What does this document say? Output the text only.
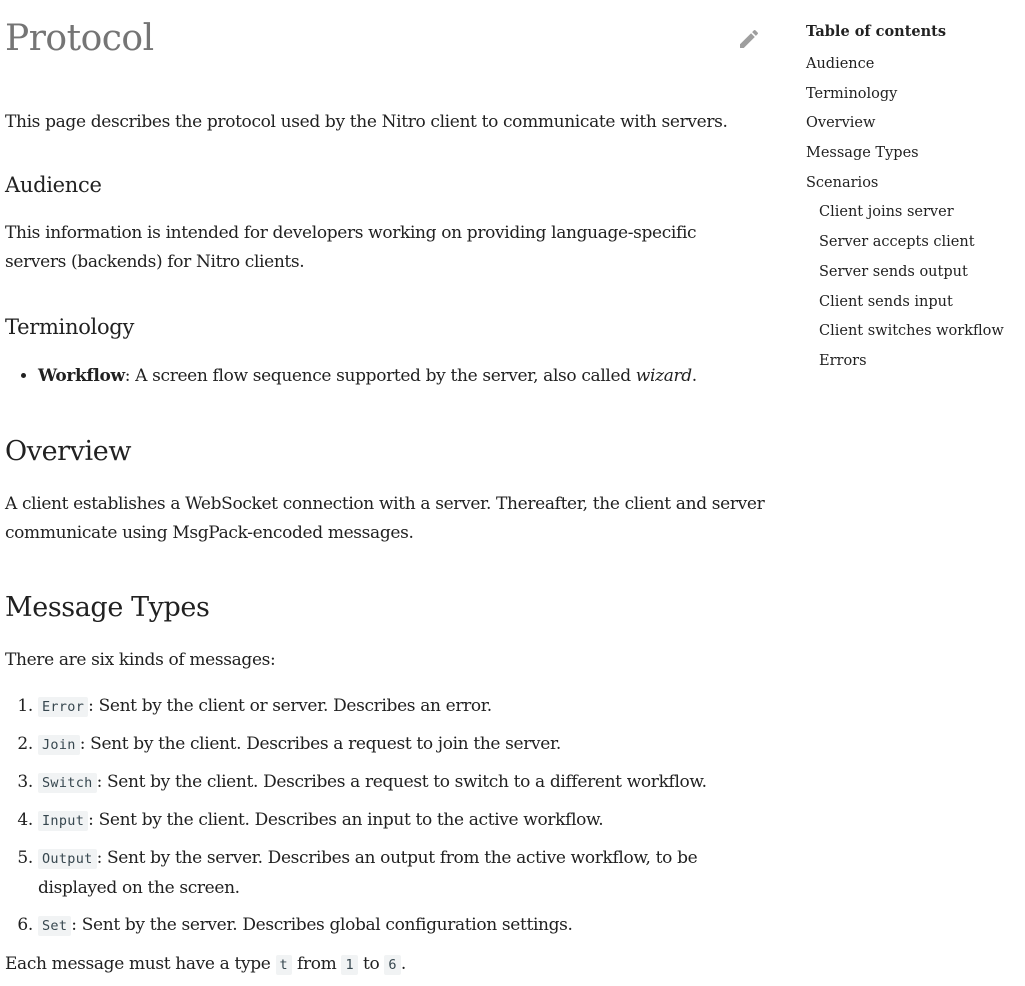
Protocol

This page describes the protocol used by the Nitro client to communicate with servers.

Audience

This information is intended for developers working on providing language-specific servers (backends) for Nitro clients.

Terminology
• Workflow: A screen flow sequence supported by the server, also called wizard.
Overview

A client establishes a WebSocket connection with a server. Thereafter, the client and server communicate using MsgPack-encoded messages.

Message Types

There are six kinds of messages:

1. Error : Sent by the client or server. Describes an error.
2. Join : Sent by the client. Describes a request to join the server.
3. Switch : Sent by the client. Describes a request to switch to a different workflow.
4. Input : Sent by the client. Describes an input to the active workflow.
5. Output : Sent by the server. Describes an output from the active workflow, to be displayed on the screen.
6. Set : Sent by the server. Describes global configuration settings.

Each message must have a type t from 1 to 6 .

Table of contents
Audience
Terminology
Overview
Message Types
Scenarios
Client joins server
Server accepts client
Server sends output
Client sends input
Client switches workflow
Errors
